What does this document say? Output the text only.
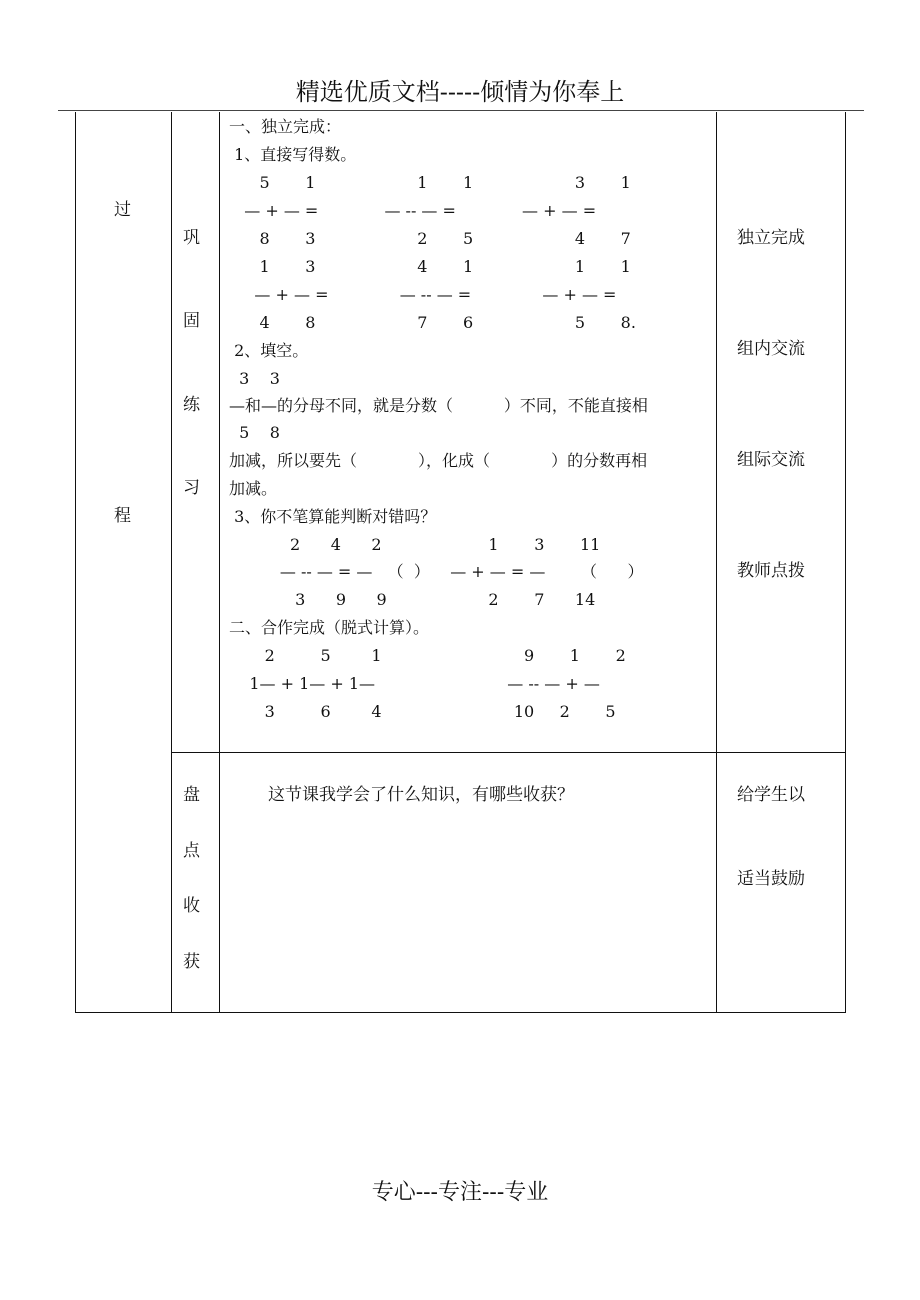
精选优质文档-----倾情为你奉上
过
程
巩
固
练
习
一、独立完成：
1、直接写得数。
5       1                    1       1                    3       1
— + — =             — -- — =             — + — =
8       3                    2       5                    4       7
1       3                    4       1                    1       1
— + — =              — -- — =              — + — =
4       8                    7       6                    5       8.
2、填空。
3    3
—和—的分母不同，就是分数（          ）不同，不能直接相
5    8
加减，所以要先（            ），化成（            ）的分数再相
加减。
3、你不笔算能判断对错吗？
2      4      2                     1       3       11
— -- — = —   （  ）    — + — = —       （      ）
3      9      9                    2       7      14
二、合作完成（脱式计算）。
2         5        1                            9       1       2
1— + 1— + 1—                          — -- — + —
3         6        4                          10     2       5
独立完成
组内交流
组际交流
教师点拨
盘
点
收
获
这节课我学会了什么知识，有哪些收获？	给学生以
适当鼓励
专心---专注---专业
